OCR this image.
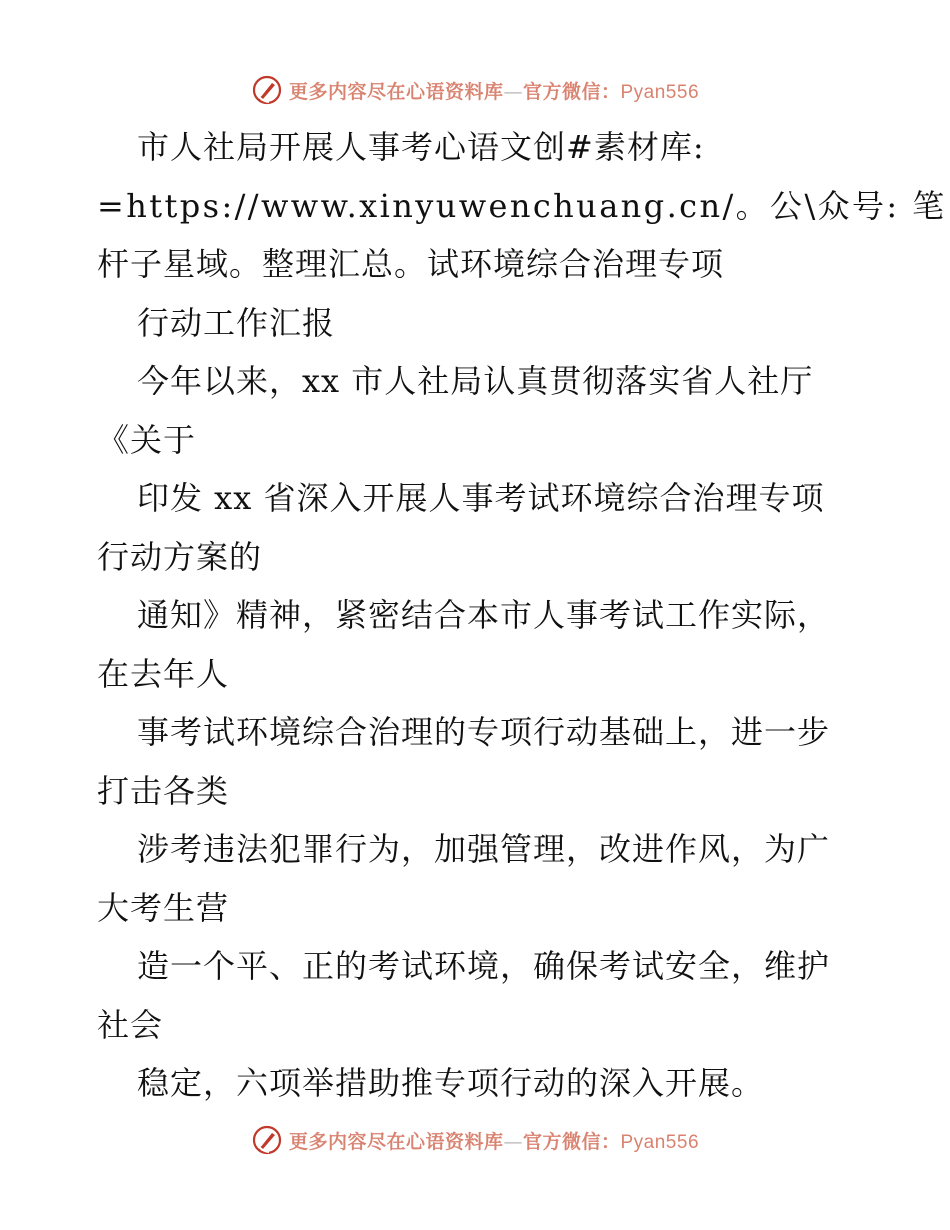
更多内容尽在心语资料库—官方微信：Pyan556
市人社局开展人事考心语文创#素材库:
=https://www.xinyuwenchuang.cn/。公\众号: 笔
杆子星域。整理汇总。试环境综合治理专项
行动工作汇报
今年以来，xx 市人社局认真贯彻落实省人社厅
《关于
印发 xx 省深入开展人事考试环境综合治理专项
行动方案的
通知》精神，紧密结合本市人事考试工作实际，
在去年人
事考试环境综合治理的专项行动基础上，进一步
打击各类
涉考违法犯罪行为，加强管理，改进作风，为广
大考生营
造一个平、正的考试环境，确保考试安全，维护
社会
稳定，六项举措助推专项行动的深入开展。
更多内容尽在心语资料库—官方微信：Pyan556
